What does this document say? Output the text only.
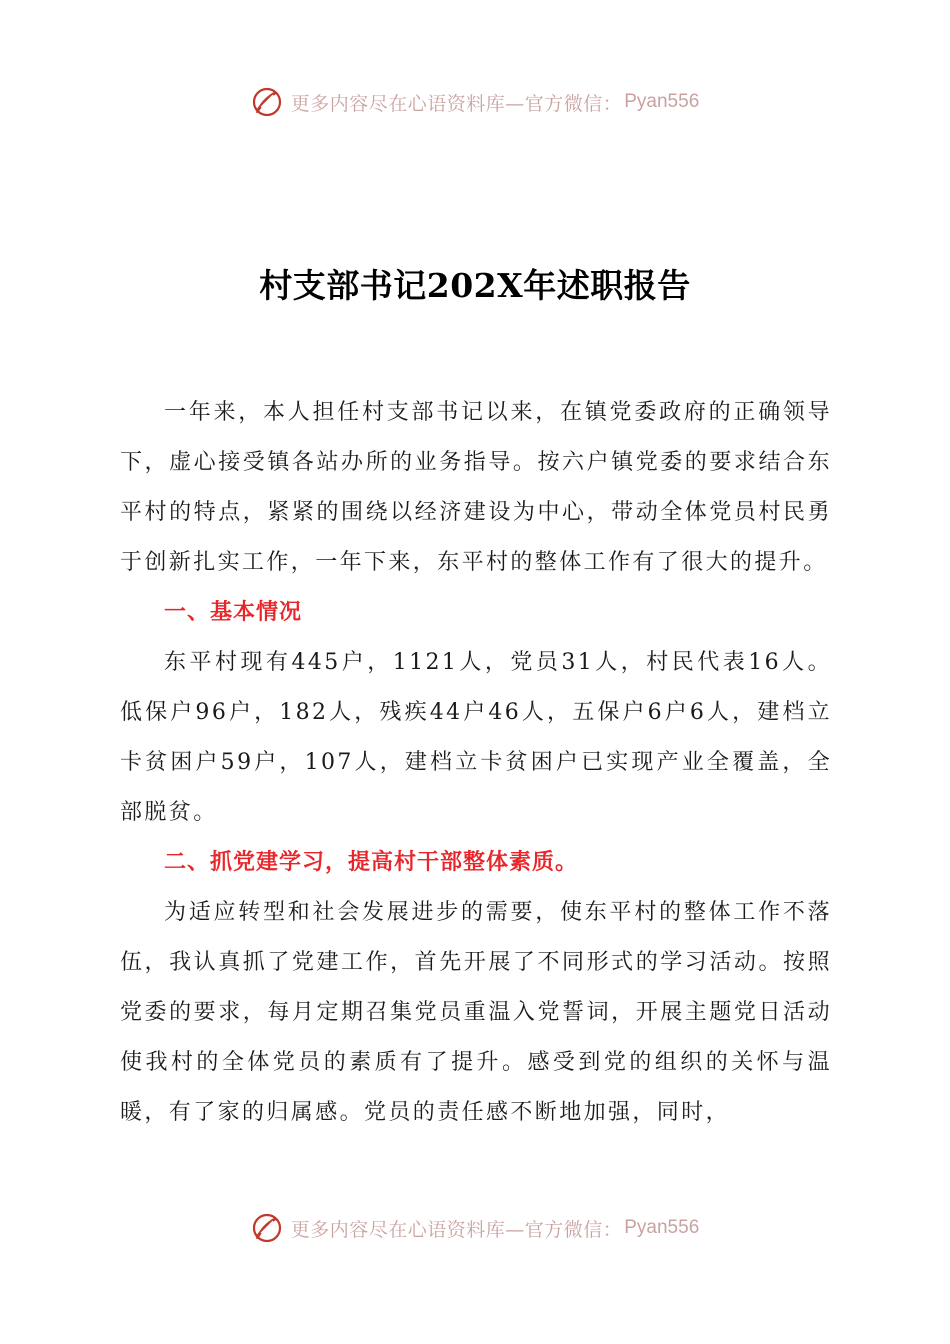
更多内容尽在心语资料库—官方微信： Pyan556
村支部书记202X年述职报告

一年来，本人担任村支部书记以来，在镇党委政府的正确领导下，虚心接受镇各站办所的业务指导。按六户镇党委的要求结合东平村的特点，紧紧的围绕以经济建设为中心，带动全体党员村民勇于创新扎实工作，一年下来，东平村的整体工作有了很大的提升。

一、基本情况

东平村现有445户，1121人，党员31人，村民代表16人。低保户96户，182人，残疾44户46人，五保户6户6人，建档立卡贫困户59户，107人，建档立卡贫困户已实现产业全覆盖，全部脱贫。

二、抓党建学习，提高村干部整体素质。

为适应转型和社会发展进步的需要，使东平村的整体工作不落伍，我认真抓了党建工作，首先开展了不同形式的学习活动。按照党委的要求，每月定期召集党员重温入党誓词，开展主题党日活动使我村的全体党员的素质有了提升。感受到党的组织的关怀与温暖，有了家的归属感。党员的责任感不断地加强，同时，

更多内容尽在心语资料库—官方微信： Pyan556
